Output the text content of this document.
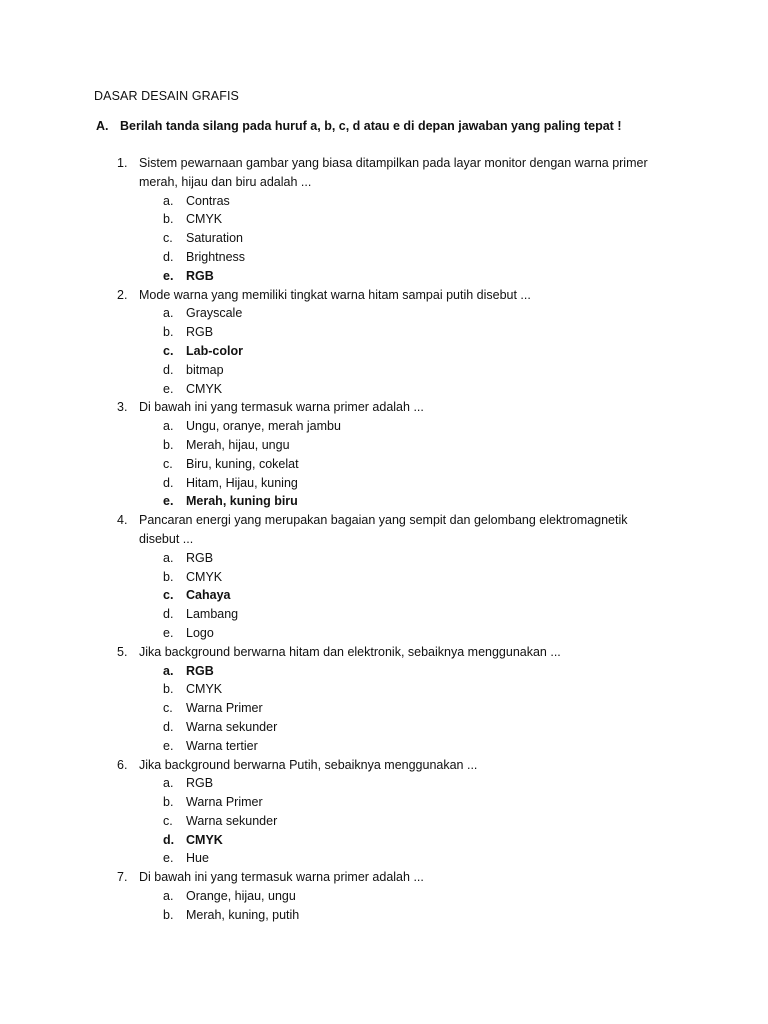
DASAR DESAIN GRAFIS
A. Berilah tanda silang pada huruf a, b, c, d atau e di depan jawaban yang paling tepat !
1. Sistem pewarnaan gambar yang biasa ditampilkan pada layar monitor dengan warna primer
merah, hijau dan biru adalah ...
a.	Contras
b.	CMYK
c.	Saturation
d.	Brightness
e.	RGB
2. Mode warna yang memiliki tingkat warna hitam sampai putih disebut ...
a.	Grayscale
b.	RGB
c.	Lab-color
d.	bitmap
e.	CMYK
3. Di bawah ini yang termasuk warna primer adalah ...
a.	Ungu, oranye, merah jambu
b.	Merah, hijau, ungu
c.	Biru, kuning, cokelat
d.	Hitam, Hijau, kuning
e.	Merah, kuning biru
4. Pancaran energi yang merupakan bagaian yang sempit dan gelombang elektromagnetik
disebut ...
a.	RGB
b.	CMYK
c.	Cahaya
d.	Lambang
e.	Logo
5. Jika background berwarna hitam dan elektronik, sebaiknya menggunakan ...
a.	RGB
b.	CMYK
c.	Warna Primer
d.	Warna sekunder
e.	Warna tertier
6. Jika background berwarna Putih, sebaiknya menggunakan ...
a.	RGB
b.	Warna Primer
c.	Warna sekunder
d. CMYK
e.	Hue
7. Di bawah ini yang termasuk warna primer adalah ...
a.	Orange, hijau, ungu
b.	Merah, kuning, putih
